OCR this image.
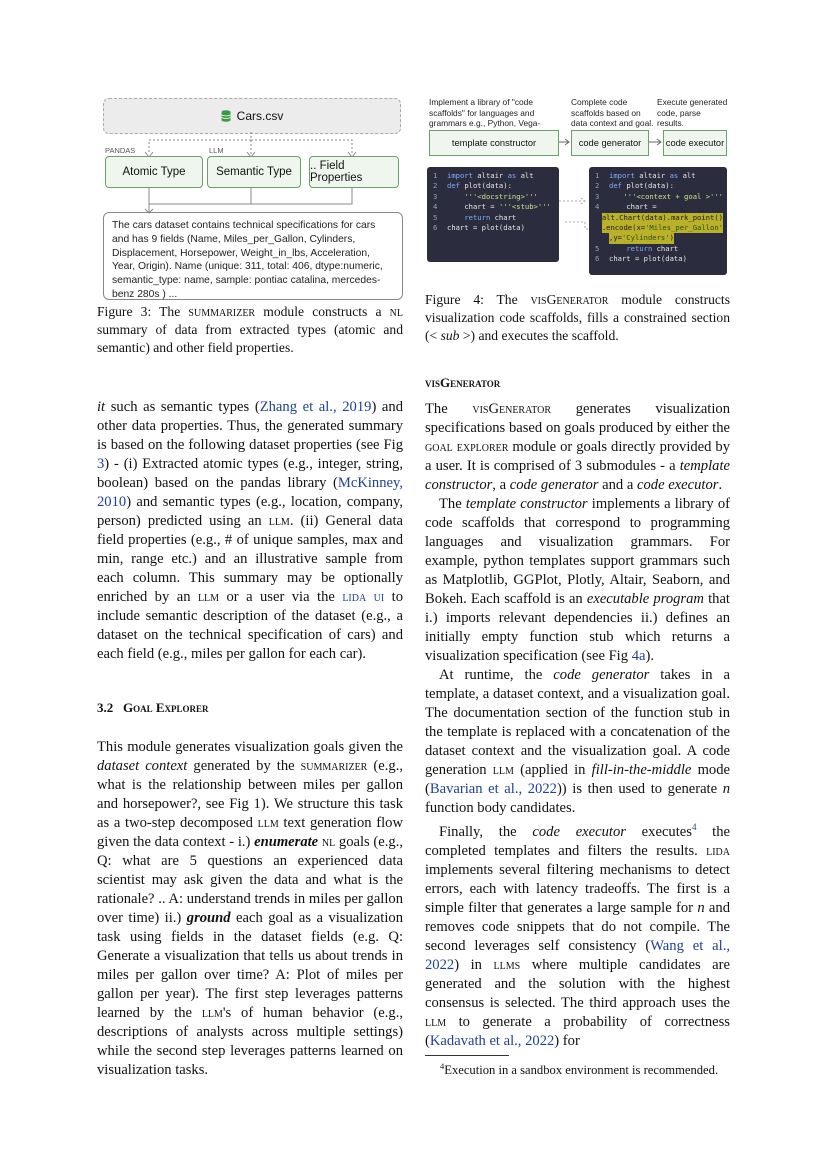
Cars.csv
PANDAS	LLM
Atomic Type	Semantic Type	.. Field Properties
The cars dataset contains technical specifications for cars and has 9 fields (Name, Miles_per_Gallon, Cylinders, Displacement, Horsepower, Weight_in_lbs, Acceleration, Year, Origin). Name (unique: 311, total: 406, dtype:numeric, semantic_type: name, sample: pontiac catalina, mercedes-benz 280s ) ...
Figure 3: The summarizer module constructs a nl summary of data from extracted types (atomic and semantic) and other field properties.
Implement a library of "code scaffolds" for languages and grammars e.g., Python, Vega-
Complete code scaffolds based on data context and goal.
Execute generated code, parse results.
template constructor	code generator	code executor
1	import altair as alt
2	def plot(data):
3	'''<docstring>'''
4	chart = '''<stub>'''
5	return chart
6	chart = plot(data)
1	import altair as alt
2	def plot(data):
3	'''<context + goal >'''
4	chart =
alt.Chart(data).mark_point()
.encode(x='Miles_per_Gallon'
,y='Cylinders')
5	return chart
6	chart = plot(data)
Figure 4: The visGenerator module constructs visualization code scaffolds, fills a constrained section (< sub >) and executes the scaffold.
it such as semantic types (Zhang et al., 2019) and other data properties. Thus, the generated summary is based on the following dataset properties (see Fig 3) - (i) Extracted atomic types (e.g., integer, string, boolean) based on the pandas library (McKinney, 2010) and semantic types (e.g., location, company, person) predicted using an llm. (ii) General data field properties (e.g., # of unique samples, max and min, range etc.) and an illustrative sample from each column. This summary may be optionally enriched by an llm or a user via the lida ui to include semantic description of the dataset (e.g., a dataset on the technical specification of cars) and each field (e.g., miles per gallon for each car).
3.2 Goal Explorer
This module generates visualization goals given the dataset context generated by the summarizer (e.g., what is the relationship between miles per gallon and horsepower?, see Fig 1). We structure this task as a two-step decomposed llm text generation flow given the data context - i.) enumerate nl goals (e.g., Q: what are 5 questions an experienced data scientist may ask given the data and what is the rationale? .. A: understand trends in miles per gallon over time) ii.) ground each goal as a visualization task using fields in the dataset fields (e.g. Q: Generate a visualization that tells us about trends in miles per gallon over time? A: Plot of miles per gallon per year). The first step leverages patterns learned by the llm's of human behavior (e.g., descriptions of analysts across multiple settings) while the second step leverages patterns learned on visualization tasks.
visGenerator

The visGenerator generates visualization specifications based on goals produced by either the goal explorer module or goals directly provided by a user. It is comprised of 3 submodules - a template constructor, a code generator and a code executor.

The template constructor implements a library of code scaffolds that correspond to programming languages and visualization grammars. For example, python templates support grammars such as Matplotlib, GGPlot, Plotly, Altair, Seaborn, and Bokeh. Each scaffold is an executable program that i.) imports relevant dependencies ii.) defines an initially empty function stub which returns a visualization specification (see Fig 4a).

At runtime, the code generator takes in a template, a dataset context, and a visualization goal. The documentation section of the function stub in the template is replaced with a concatenation of the dataset context and the visualization goal. A code generation llm (applied in fill-in-the-middle mode (Bavarian et al., 2022)) is then used to generate n function body candidates.

Finally, the code executor executes$^4$ the completed templates and filters the results. lida implements several filtering mechanisms to detect errors, each with latency tradeoffs. The first is a simple filter that generates a large sample for n and removes code snippets that do not compile. The second leverages self consistency (Wang et al., 2022) in llms where multiple candidates are generated and the solution with the highest consensus is selected. The third approach uses the llm to generate a probability of correctness (Kadavath et al., 2022) for

$^4$Execution in a sandbox environment is recommended.
